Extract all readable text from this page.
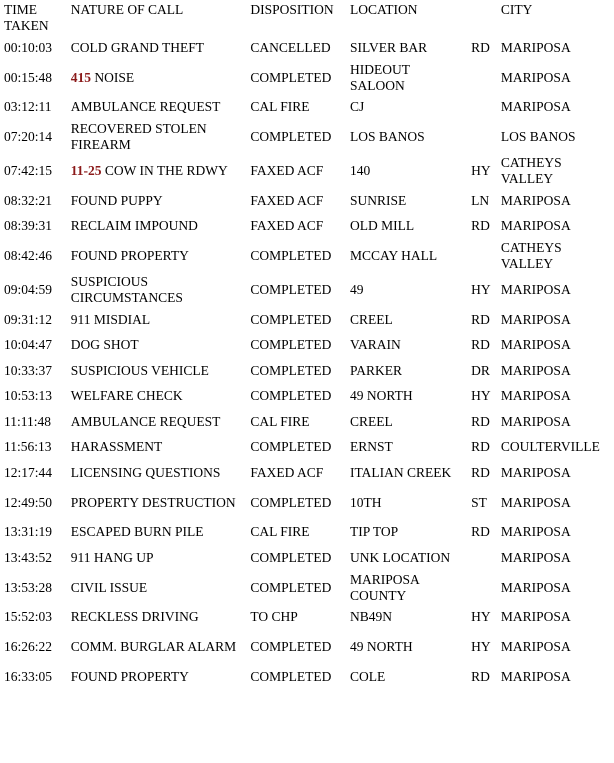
TIME TAKEN	NATURE OF CALL	DISPOSITION	LOCATION		CITY
00:10:03	COLD GRAND THEFT	CANCELLED	SILVER BAR	RD	MARIPOSA
00:15:48	415 NOISE	COMPLETED	HIDEOUT SALOON		MARIPOSA
03:12:11	AMBULANCE REQUEST	CAL FIRE	CJ		MARIPOSA
07:20:14	RECOVERED STOLEN FIREARM	COMPLETED	LOS BANOS		LOS BANOS
07:42:15	11-25 COW IN THE RDWY	FAXED ACF	140	HY	CATHEYS VALLEY
08:32:21	FOUND PUPPY	FAXED ACF	SUNRISE	LN	MARIPOSA
08:39:31	RECLAIM IMPOUND	FAXED ACF	OLD MILL	RD	MARIPOSA
08:42:46	FOUND PROPERTY	COMPLETED	MCCAY HALL		CATHEYS VALLEY
09:04:59	SUSPICIOUS CIRCUMSTANCES	COMPLETED	49	HY	MARIPOSA
09:31:12	911 MISDIAL	COMPLETED	CREEL	RD	MARIPOSA
10:04:47	DOG SHOT	COMPLETED	VARAIN	RD	MARIPOSA
10:33:37	SUSPICIOUS VEHICLE	COMPLETED	PARKER	DR	MARIPOSA
10:53:13	WELFARE CHECK	COMPLETED	49 NORTH	HY	MARIPOSA
11:11:48	AMBULANCE REQUEST	CAL FIRE	CREEL	RD	MARIPOSA
11:56:13	HARASSMENT	COMPLETED	ERNST	RD	COULTERVILLE
12:17:44	LICENSING QUESTIONS	FAXED ACF	ITALIAN CREEK	RD	MARIPOSA
12:49:50	PROPERTY DESTRUCTION	COMPLETED	10TH	ST	MARIPOSA
13:31:19	ESCAPED BURN PILE	CAL FIRE	TIP TOP	RD	MARIPOSA
13:43:52	911 HANG UP	COMPLETED	UNK LOCATION		MARIPOSA
13:53:28	CIVIL ISSUE	COMPLETED	MARIPOSA COUNTY		MARIPOSA
15:52:03	RECKLESS DRIVING	TO CHP	NB49N	HY	MARIPOSA
16:26:22	COMM. BURGLAR ALARM	COMPLETED	49 NORTH	HY	MARIPOSA
16:33:05	FOUND PROPERTY	COMPLETED	COLE	RD	MARIPOSA
